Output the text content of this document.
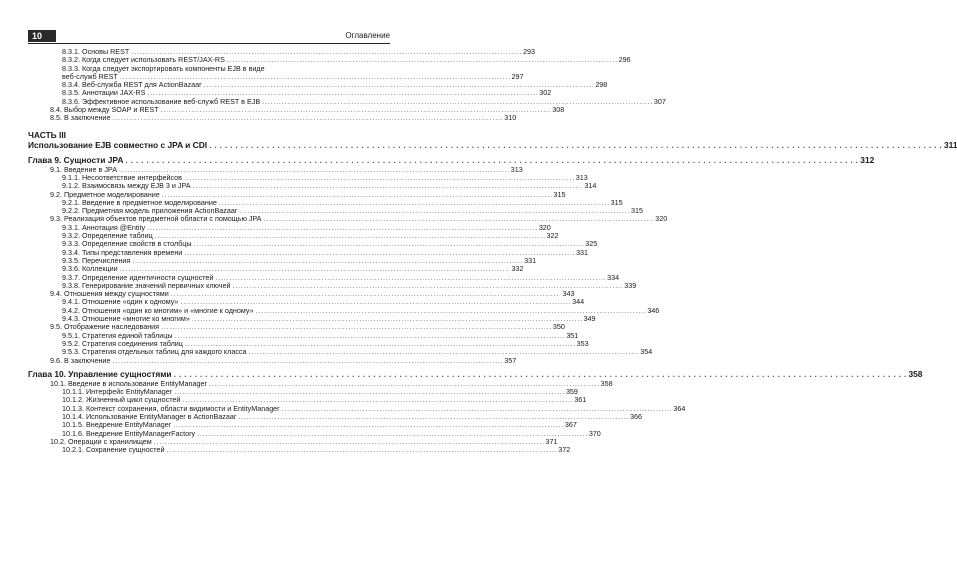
10	Оглавление
8.3.1. Основы REST . . .	293
8.3.2. Когда следует использовать REST/JAX-RS . . .	296
8.3.3. Когда следует экспортировать компоненты EJB в виде
веб-служб REST . . .	297
8.3.4. Веб-служба REST для ActionBazaar . . .	298
8.3.5. Аннотации JAX-RS . . .	302
8.3.6. Эффективное использование веб-служб REST в EJB . . .	307
8.4. Выбор между SOAP и REST . . .	308
8.5. В заключение . . .	310
ЧАСТЬ III
Использование EJB совместно с JPA и CDI . . .	311
Глава 9. Сущности JPA . . .	312
9.1. Введение в JPA . . .	313
9.1.1. Несоответствие интерфейсов . . .	313
9.1.2. Взаимосвязь между EJB 3 и JPA . . .	314
9.2. Предметное моделирование . . .	315
9.2.1. Введение в предметное моделирование . . .	315
9.2.2. Предметная модель приложения ActionBazaar . . .	315
9.3. Реализация объектов предметной области с помощью JPA . . .	320
9.3.1. Аннотация @Entity . . .	320
9.3.2. Определение таблиц . . .	322
9.3.3. Определение свойств в столбцы . . .	325
9.3.4. Типы представления времени . . .	331
9.3.5. Перечисления . . .	331
9.3.6. Коллекции . . .	332
9.3.7. Определение идентичности сущностей . . .	334
9.3.8. Генерирование значений первичных ключей . . .	339
9.4. Отношения между сущностями . . .	343
9.4.1. Отношение «один к одному» . . .	344
9.4.2. Отношения «один ко многим» и «многие к одному» . . .	346
9.4.3. Отношение «многие ко многим» . . .	349
9.5. Отображение наследования . . .	350
9.5.1. Стратегия единой таблицы . . .	351
9.5.2. Стратегия соединения таблиц . . .	353
9.5.3. Стратегия отдельных таблиц для каждого класса . . .	354
9.6. В заключение . . .	357
Глава 10. Управление сущностями . . .	358
10.1. Введение в использование EntityManager . . .	358
10.1.1. Интерфейс EntityManager . . .	359
10.1.2. Жизненный цикл сущностей . . .	361
10.1.3. Контекст сохранения, области видимости и EntityManager . . .	364
10.1.4. Использование EntityManager в ActionBazaar . . .	366
10.1.5. Внедрение EntityManager . . .	367
10.1.6. Внедрение EntityManagerFactory . . .	370
10.2. Операции с хранилищем . . .	371
10.2.1. Сохранение сущностей . . .	372
